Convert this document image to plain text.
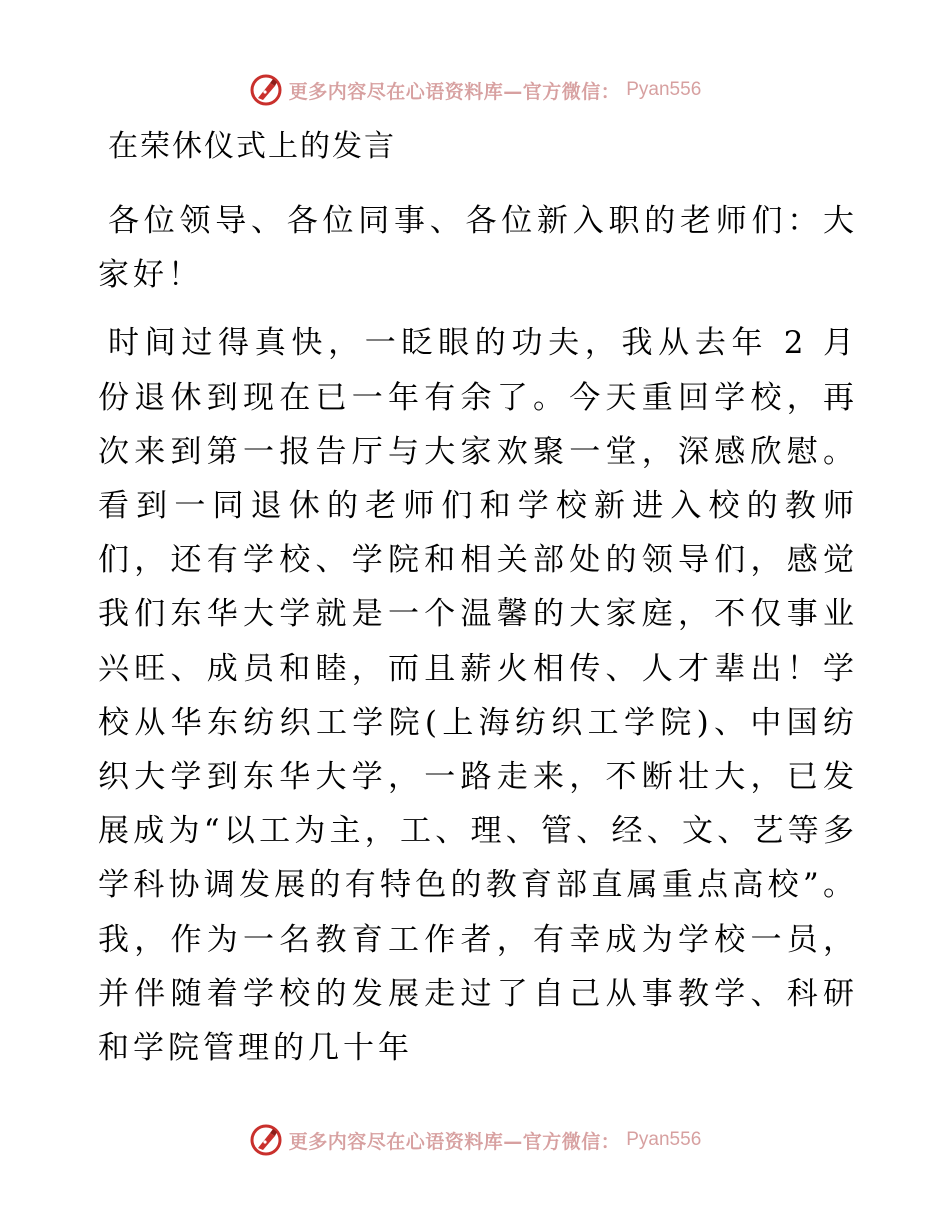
更多内容尽在心语资料库—官方微信： Pyan556
在荣休仪式上的发言

各位领导、各位同事、各位新入职的老师们：大家好！

时间过得真快，一眨眼的功夫，我从去年 2 月份退休到现在已一年有余了。今天重回学校，再次来到第一报告厅与大家欢聚一堂，深感欣慰。看到一同退休的老师们和学校新进入校的教师们，还有学校、学院和相关部处的领导们，感觉我们东华大学就是一个温馨的大家庭，不仅事业兴旺、成员和睦，而且薪火相传、人才辈出！学校从华东纺织工学院(上海纺织工学院)、中国纺织大学到东华大学，一路走来，不断壮大，已发展成为“以工为主，工、理、管、经、文、艺等多学科协调发展的有特色的教育部直属重点高校”。我，作为一名教育工作者，有幸成为学校一员，并伴随着学校的发展走过了自己从事教学、科研和学院管理的几十年

更多内容尽在心语资料库—官方微信： Pyan556
